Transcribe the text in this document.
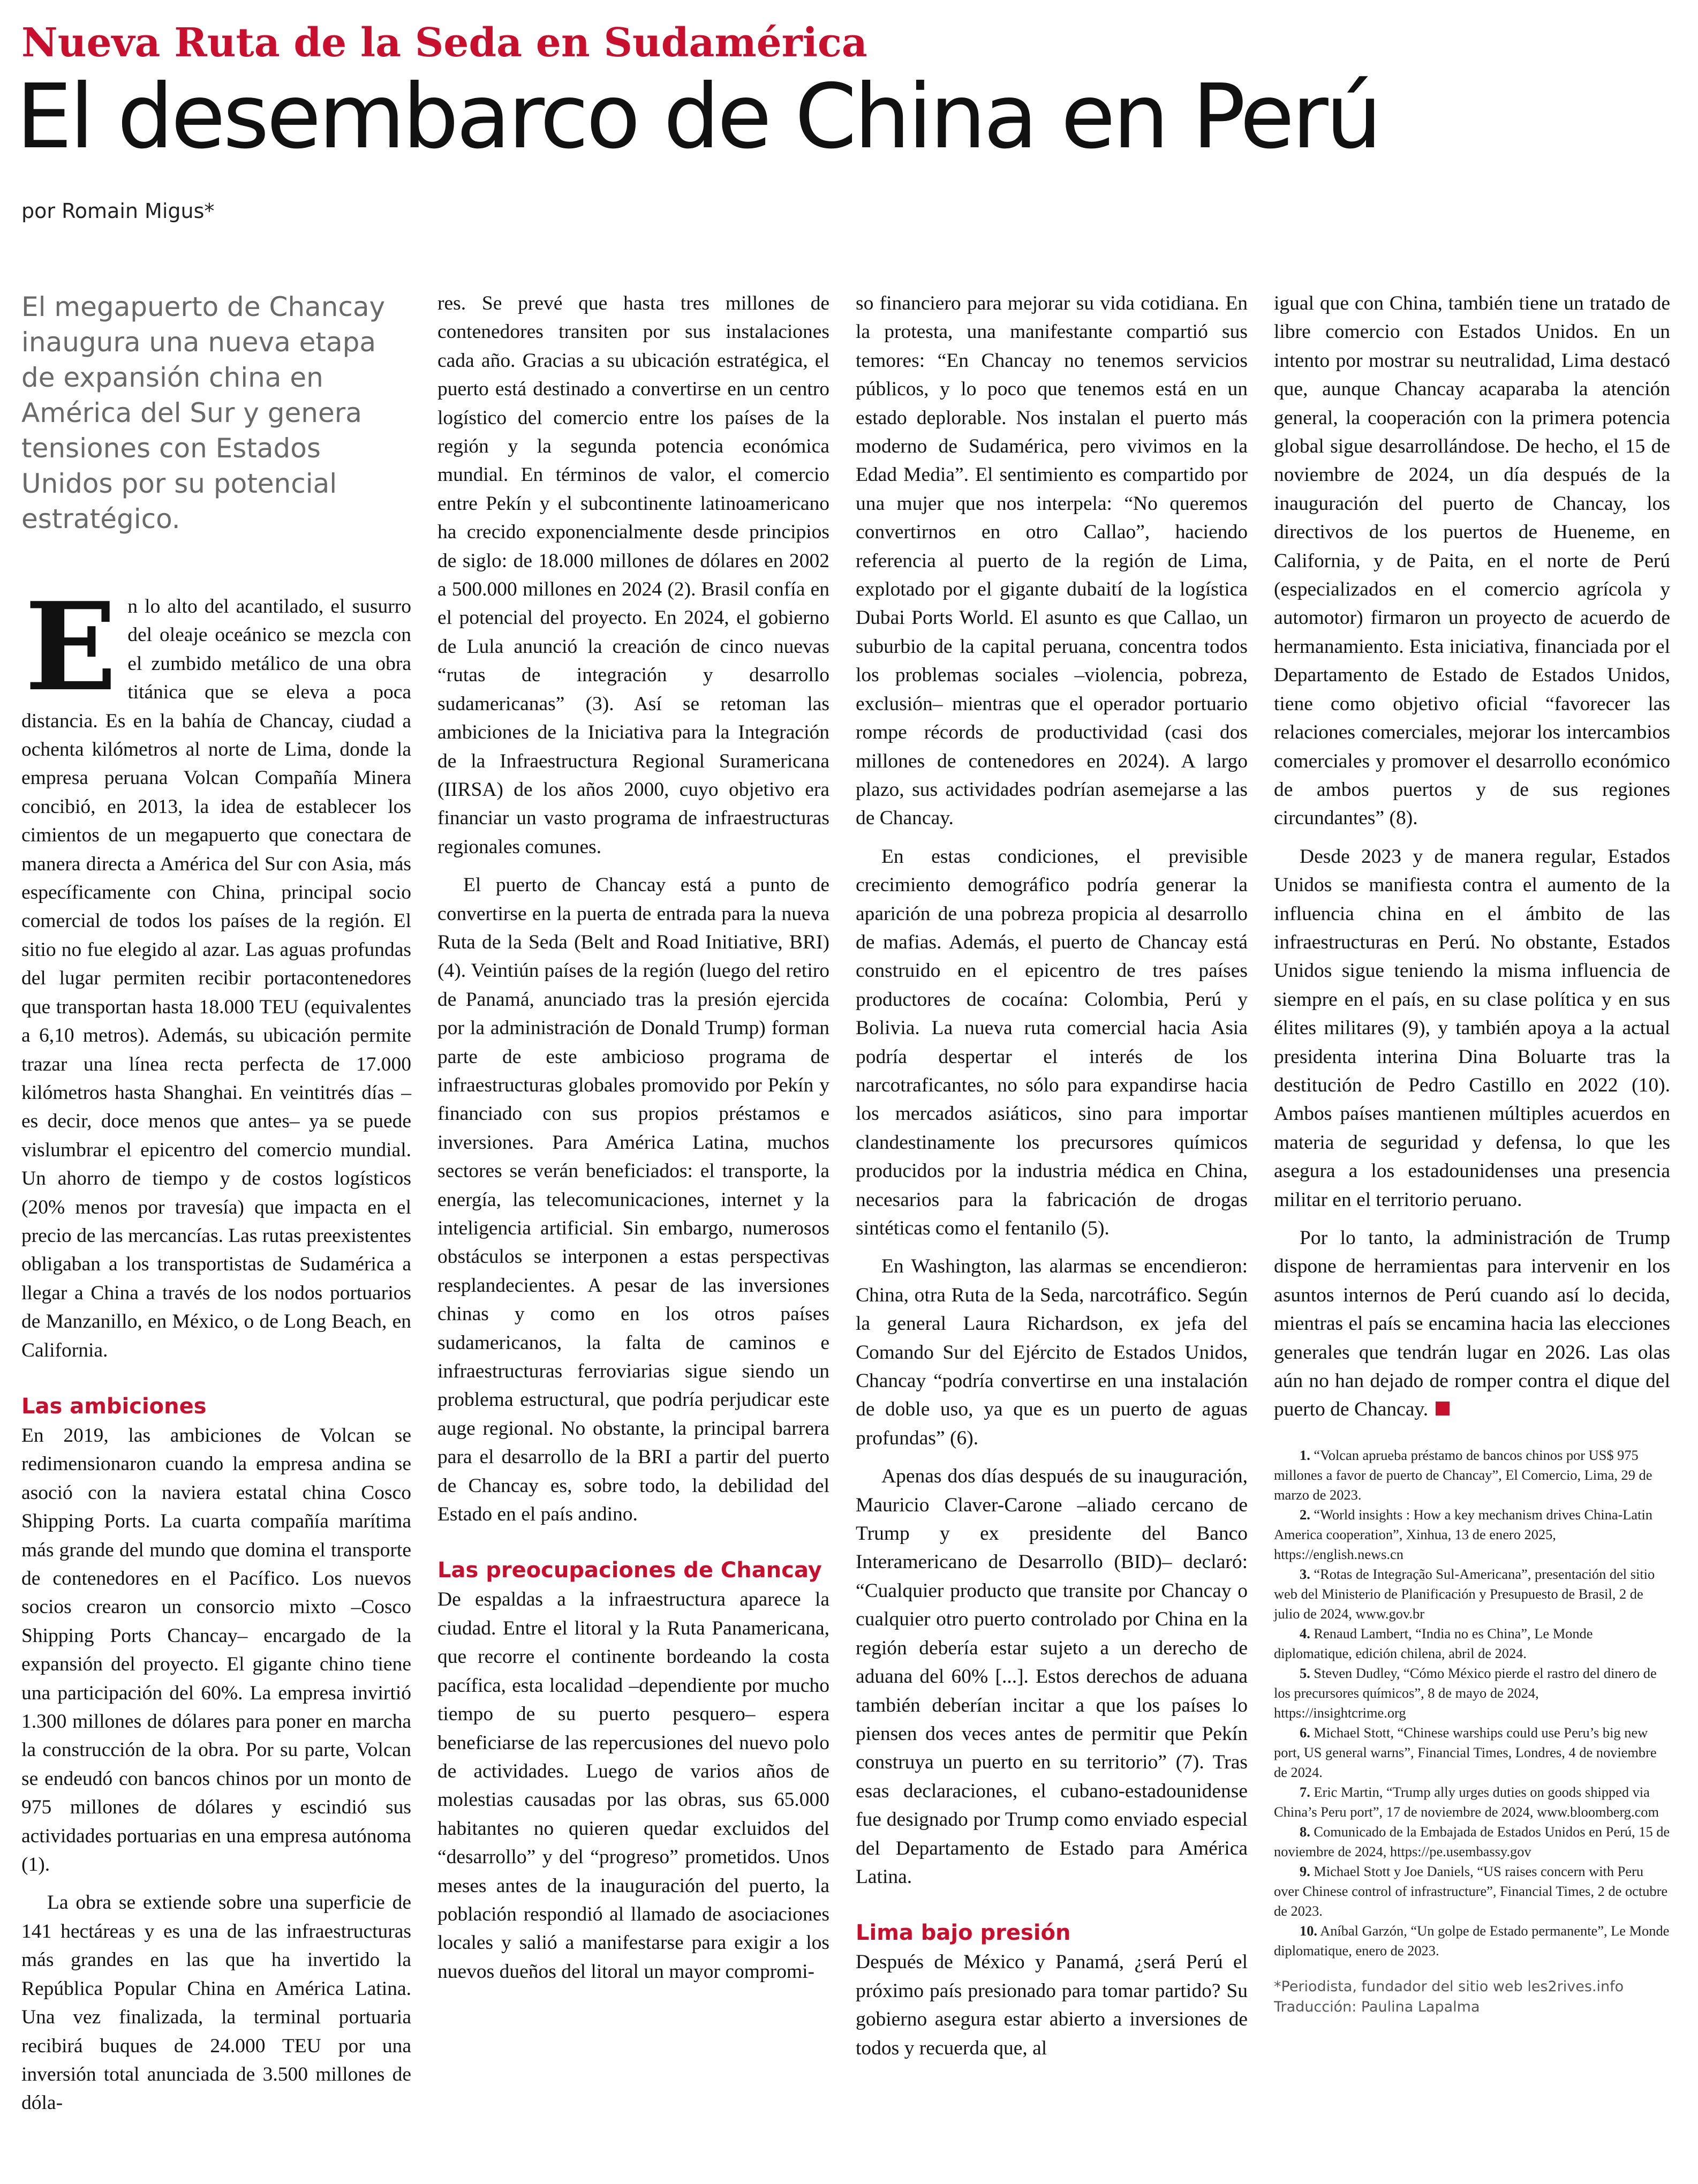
Nueva Ruta de la Seda en Sudamérica
El desembarco de China en Perú

por Romain Migus*

El megapuerto de Chancay inaugura una nueva etapa de expansión china en América del Sur y genera tensiones con Estados Unidos por su potencial estratégico.

En lo alto del acantilado, el susurro del oleaje oceánico se mezcla con el zumbido metálico de una obra titánica que se eleva a poca distancia. Es en la bahía de Chancay, ciudad a ochenta kilómetros al norte de Lima, donde la empresa peruana Volcan Compañía Minera concibió, en 2013, la idea de establecer los cimientos de un megapuerto que conectara de manera directa a América del Sur con Asia, más específicamente con China, principal socio comercial de todos los países de la región. El sitio no fue elegido al azar. Las aguas profundas del lugar permiten recibir portacontenedores que transportan hasta 18.000 TEU (equivalentes a 6,10 metros). Además, su ubicación permite trazar una línea recta perfecta de 17.000 kilómetros hasta Shanghai. En veintitrés días –es decir, doce menos que antes– ya se puede vislumbrar el epicentro del comercio mundial. Un ahorro de tiempo y de costos logísticos (20% menos por travesía) que impacta en el precio de las mercancías. Las rutas preexistentes obligaban a los transportistas de Sudamérica a llegar a China a través de los nodos portuarios de Manzanillo, en México, o de Long Beach, en California.

Las ambiciones

En 2019, las ambiciones de Volcan se redimensionaron cuando la empresa andina se asoció con la naviera estatal china Cosco Shipping Ports. La cuarta compañía marítima más grande del mundo que domina el transporte de contenedores en el Pacífico. Los nuevos socios crearon un consorcio mixto –Cosco Shipping Ports Chancay– encargado de la expansión del proyecto. El gigante chino tiene una participación del 60%. La empresa invirtió 1.300 millones de dólares para poner en marcha la construcción de la obra. Por su parte, Volcan se endeudó con bancos chinos por un monto de 975 millones de dólares y escindió sus actividades portuarias en una empresa autónoma (1).

La obra se extiende sobre una superficie de 141 hectáreas y es una de las infraestructuras más grandes en las que ha invertido la República Popular China en América Latina. Una vez finalizada, la terminal portuaria recibirá buques de 24.000 TEU por una inversión total anunciada de 3.500 millones de dóla-

res. Se prevé que hasta tres millones de contenedores transiten por sus instalaciones cada año. Gracias a su ubicación estratégica, el puerto está destinado a convertirse en un centro logístico del comercio entre los países de la región y la segunda potencia económica mundial. En términos de valor, el comercio entre Pekín y el subcontinente latinoamericano ha crecido exponencialmente desde principios de siglo: de 18.000 millones de dólares en 2002 a 500.000 millones en 2024 (2). Brasil confía en el potencial del proyecto. En 2024, el gobierno de Lula anunció la creación de cinco nuevas “rutas de integración y desarrollo sudamericanas” (3). Así se retoman las ambiciones de la Iniciativa para la Integración de la Infraestructura Regional Suramericana (IIRSA) de los años 2000, cuyo objetivo era financiar un vasto programa de infraestructuras regionales comunes.

El puerto de Chancay está a punto de convertirse en la puerta de entrada para la nueva Ruta de la Seda (Belt and Road Initiative, BRI) (4). Veintiún países de la región (luego del retiro de Panamá, anunciado tras la presión ejercida por la administración de Donald Trump) forman parte de este ambicioso programa de infraestructuras globales promovido por Pekín y financiado con sus propios préstamos e inversiones. Para América Latina, muchos sectores se verán beneficiados: el transporte, la energía, las telecomunicaciones, internet y la inteligencia artificial. Sin embargo, numerosos obstáculos se interponen a estas perspectivas resplandecientes. A pesar de las inversiones chinas y como en los otros países sudamericanos, la falta de caminos e infraestructuras ferroviarias sigue siendo un problema estructural, que podría perjudicar este auge regional. No obstante, la principal barrera para el desarrollo de la BRI a partir del puerto de Chancay es, sobre todo, la debilidad del Estado en el país andino.

Las preocupaciones de Chancay

De espaldas a la infraestructura aparece la ciudad. Entre el litoral y la Ruta Panamericana, que recorre el continente bordeando la costa pacífica, esta localidad –dependiente por mucho tiempo de su puerto pesquero– espera beneficiarse de las repercusiones del nuevo polo de actividades. Luego de varios años de molestias causadas por las obras, sus 65.000 habitantes no quieren quedar excluidos del “desarrollo” y del “progreso” prometidos. Unos meses antes de la inauguración del puerto, la población respondió al llamado de asociaciones locales y salió a manifestarse para exigir a los nuevos dueños del litoral un mayor compromi-

so financiero para mejorar su vida cotidiana. En la protesta, una manifestante compartió sus temores: “En Chancay no tenemos servicios públicos, y lo poco que tenemos está en un estado deplorable. Nos instalan el puerto más moderno de Sudamérica, pero vivimos en la Edad Media”. El sentimiento es compartido por una mujer que nos interpela: “No queremos convertirnos en otro Callao”, haciendo referencia al puerto de la región de Lima, explotado por el gigante dubaití de la logística Dubai Ports World. El asunto es que Callao, un suburbio de la capital peruana, concentra todos los problemas sociales –violencia, pobreza, exclusión– mientras que el operador portuario rompe récords de productividad (casi dos millones de contenedores en 2024). A largo plazo, sus actividades podrían asemejarse a las de Chancay.

En estas condiciones, el previsible crecimiento demográfico podría generar la aparición de una pobreza propicia al desarrollo de mafias. Además, el puerto de Chancay está construido en el epicentro de tres países productores de cocaína: Colombia, Perú y Bolivia. La nueva ruta comercial hacia Asia podría despertar el interés de los narcotraficantes, no sólo para expandirse hacia los mercados asiáticos, sino para importar clandestinamente los precursores químicos producidos por la industria médica en China, necesarios para la fabricación de drogas sintéticas como el fentanilo (5).

En Washington, las alarmas se encendieron: China, otra Ruta de la Seda, narcotráfico. Según la general Laura Richardson, ex jefa del Comando Sur del Ejército de Estados Unidos, Chancay “podría convertirse en una instalación de doble uso, ya que es un puerto de aguas profundas” (6).

Apenas dos días después de su inauguración, Mauricio Claver-Carone –aliado cercano de Trump y ex presidente del Banco Interamericano de Desarrollo (BID)– declaró: “Cualquier producto que transite por Chancay o cualquier otro puerto controlado por China en la región debería estar sujeto a un derecho de aduana del 60% [...]. Estos derechos de aduana también deberían incitar a que los países lo piensen dos veces antes de permitir que Pekín construya un puerto en su territorio” (7). Tras esas declaraciones, el cubano-estadounidense fue designado por Trump como enviado especial del Departamento de Estado para América Latina.

Lima bajo presión

Después de México y Panamá, ¿será Perú el próximo país presionado para tomar partido? Su gobierno asegura estar abierto a inversiones de todos y recuerda que, al

igual que con China, también tiene un tratado de libre comercio con Estados Unidos. En un intento por mostrar su neutralidad, Lima destacó que, aunque Chancay acaparaba la atención general, la cooperación con la primera potencia global sigue desarrollándose. De hecho, el 15 de noviembre de 2024, un día después de la inauguración del puerto de Chancay, los directivos de los puertos de Hueneme, en California, y de Paita, en el norte de Perú (especializados en el comercio agrícola y automotor) firmaron un proyecto de acuerdo de hermanamiento. Esta iniciativa, financiada por el Departamento de Estado de Estados Unidos, tiene como objetivo oficial “favorecer las relaciones comerciales, mejorar los intercambios comerciales y promover el desarrollo económico de ambos puertos y de sus regiones circundantes” (8).

Desde 2023 y de manera regular, Estados Unidos se manifiesta contra el aumento de la influencia china en el ámbito de las infraestructuras en Perú. No obstante, Estados Unidos sigue teniendo la misma influencia de siempre en el país, en su clase política y en sus élites militares (9), y también apoya a la actual presidenta interina Dina Boluarte tras la destitución de Pedro Castillo en 2022 (10). Ambos países mantienen múltiples acuerdos en materia de seguridad y defensa, lo que les asegura a los estadounidenses una presencia militar en el territorio peruano.

Por lo tanto, la administración de Trump dispone de herramientas para intervenir en los asuntos internos de Perú cuando así lo decida, mientras el país se encamina hacia las elecciones generales que tendrán lugar en 2026. Las olas aún no han dejado de romper contra el dique del puerto de Chancay.

1. “Volcan aprueba préstamo de bancos chinos por US$ 975 millones a favor de puerto de Chancay”, El Comercio, Lima, 29 de marzo de 2023.

2. “World insights : How a key mechanism drives China-Latin America cooperation”, Xinhua, 13 de enero 2025, https://english.news.cn

3. “Rotas de Integração Sul-Americana”, presentación del sitio web del Ministerio de Planificación y Presupuesto de Brasil, 2 de julio de 2024, www.gov.br

4. Renaud Lambert, “India no es China”, Le Monde diplomatique, edición chilena, abril de 2024.

5. Steven Dudley, “Cómo México pierde el rastro del dinero de los precursores químicos”, 8 de mayo de 2024, https://insightcrime.org

6. Michael Stott, “Chinese warships could use Peru’s big new port, US general warns”, Financial Times, Londres, 4 de noviembre de 2024.

7. Eric Martin, “Trump ally urges duties on goods shipped via China’s Peru port”, 17 de noviembre de 2024, www.bloomberg.com

8. Comunicado de la Embajada de Estados Unidos en Perú, 15 de noviembre de 2024, https://pe.usembassy.gov

9. Michael Stott y Joe Daniels, “US raises concern with Peru over Chinese control of infrastructure”, Financial Times, 2 de octubre de 2023.

10. Aníbal Garzón, “Un golpe de Estado permanente”, Le Monde diplomatique, enero de 2023.

*Periodista, fundador del sitio web les2rives.info

Traducción: Paulina Lapalma
